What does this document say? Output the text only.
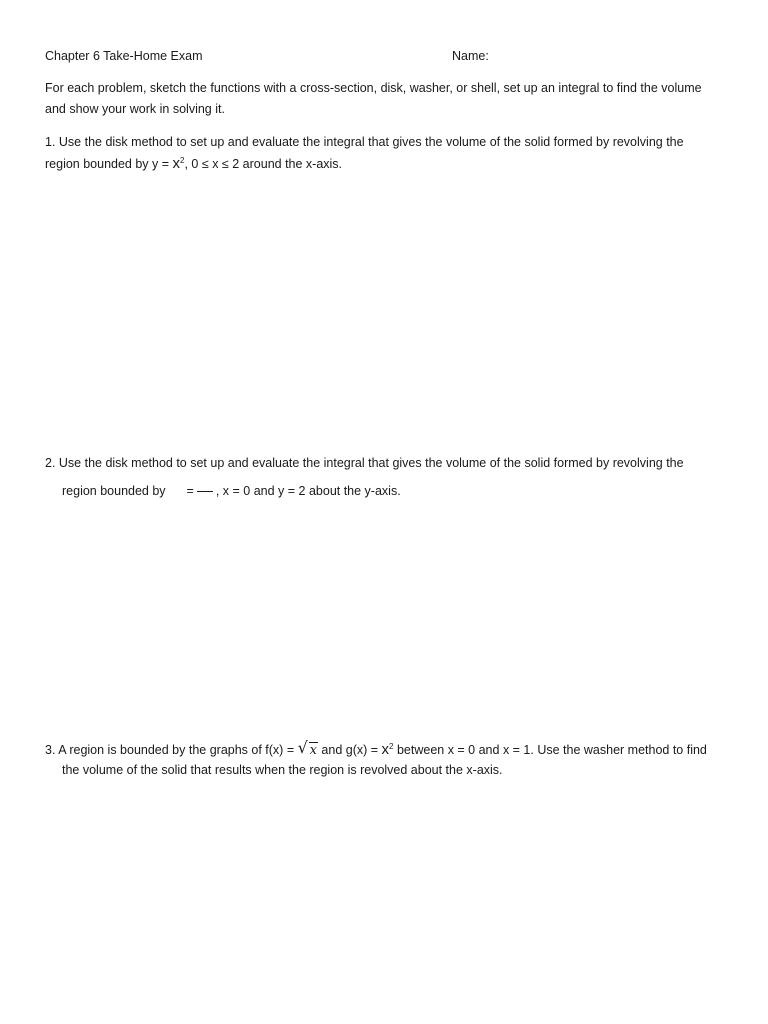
Chapter 6 Take-Home Exam	Name:
For each problem, sketch the functions with a cross-section, disk, washer, or shell, set up an integral to find the volume
and show your work in solving it.
1. Use the disk method to set up and evaluate the integral that gives the volume of the solid formed by revolving the
region bounded by $y = x^2$, 0 ≤ x ≤ 2 around the x-axis.
2. Use the disk method to set up and evaluate the integral that gives the volume of the solid formed by revolving the
region bounded by = , x = 0 and y = 2 about the y-axis.
3. A region is bounded by the graphs of f(x) = √ x and $g(x) = x^2$ between x = 0 and x = 1. Use the washer method to find
the volume of the solid that results when the region is revolved about the x-axis.
